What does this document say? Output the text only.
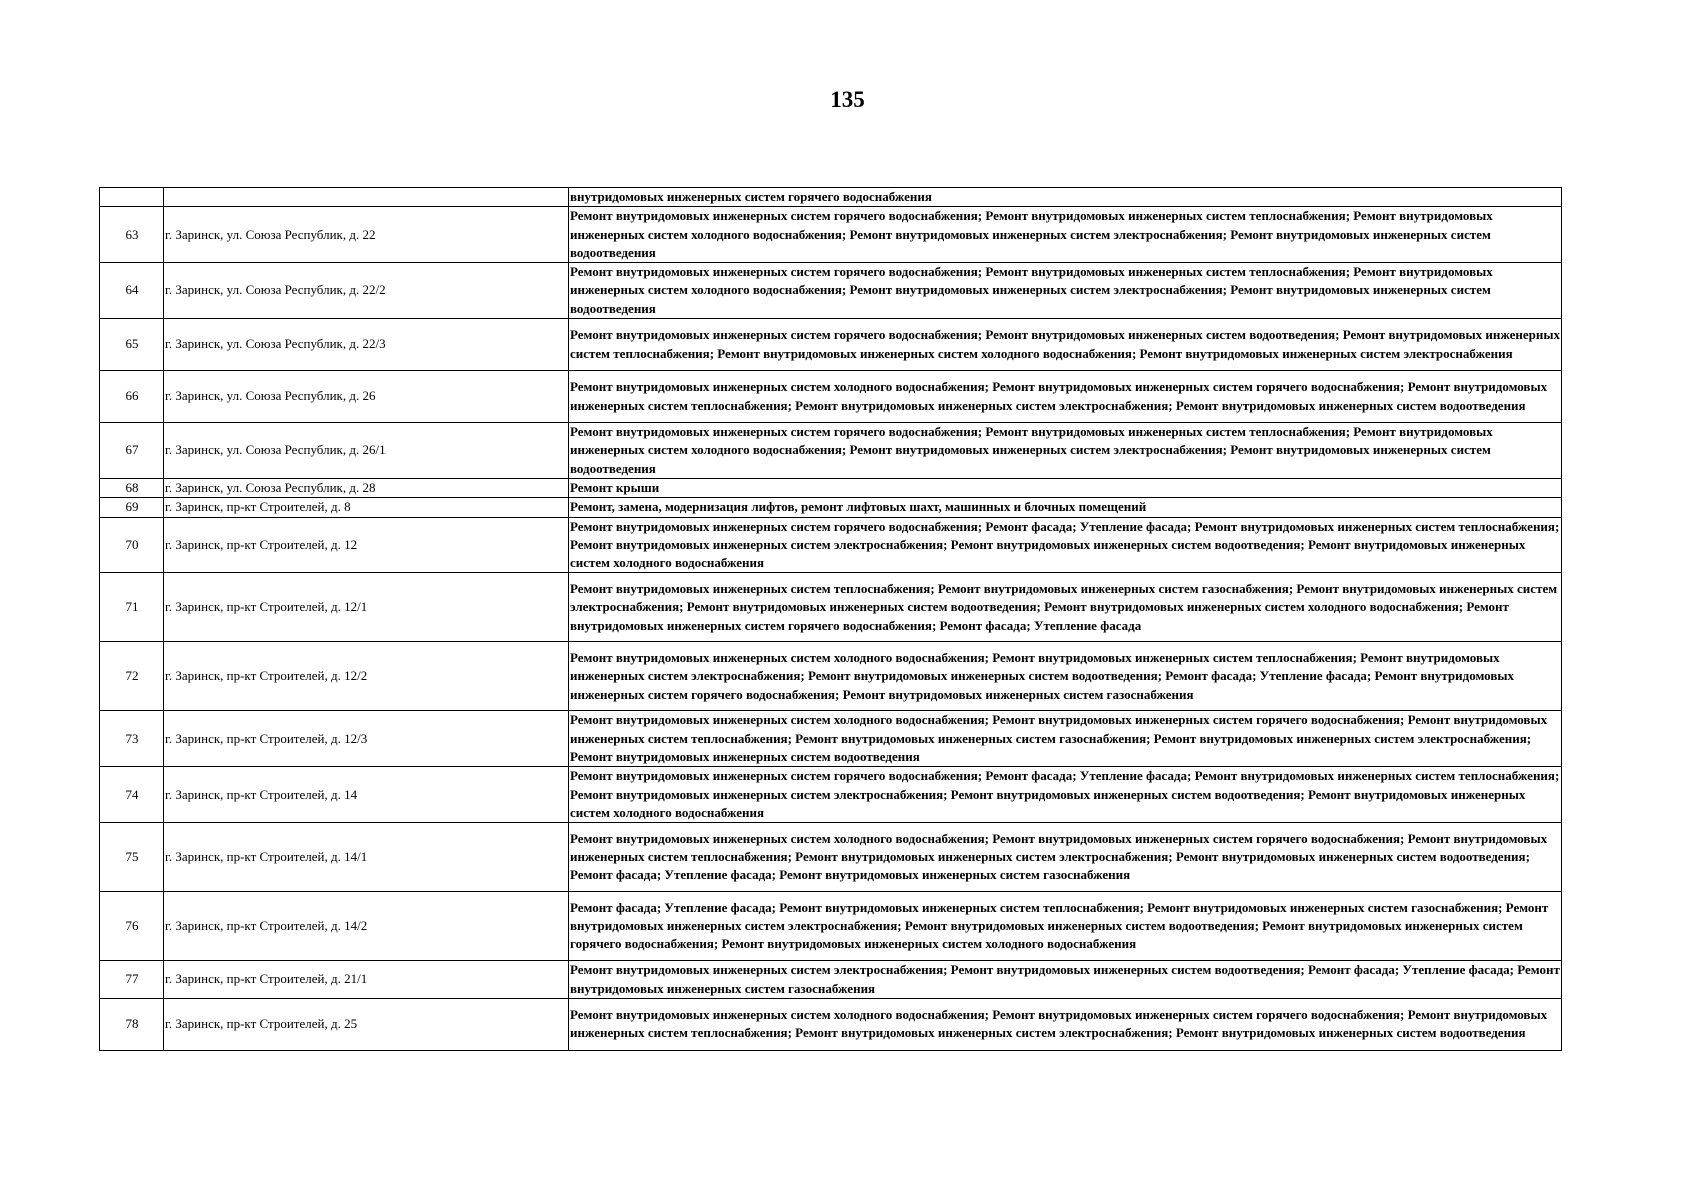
135
		внутридомовых инженерных систем горячего водоснабжения
63	г. Заринск, ул. Союза Республик, д. 22	Ремонт внутридомовых инженерных систем горячего водоснабжения; Ремонт внутридомовых инженерных систем теплоснабжения; Ремонт внутридомовых инженерных систем холодного водоснабжения; Ремонт внутридомовых инженерных систем электроснабжения; Ремонт внутридомовых инженерных систем водоотведения
64	г. Заринск, ул. Союза Республик, д. 22/2	Ремонт внутридомовых инженерных систем горячего водоснабжения; Ремонт внутридомовых инженерных систем теплоснабжения; Ремонт внутридомовых инженерных систем холодного водоснабжения; Ремонт внутридомовых инженерных систем электроснабжения; Ремонт внутридомовых инженерных систем водоотведения
65	г. Заринск, ул. Союза Республик, д. 22/3	Ремонт внутридомовых инженерных систем горячего водоснабжения; Ремонт внутридомовых инженерных систем водоотведения; Ремонт внутридомовых инженерных систем теплоснабжения; Ремонт внутридомовых инженерных систем холодного водоснабжения; Ремонт внутридомовых инженерных систем электроснабжения
66	г. Заринск, ул. Союза Республик, д. 26	Ремонт внутридомовых инженерных систем холодного водоснабжения; Ремонт внутридомовых инженерных систем горячего водоснабжения; Ремонт внутридомовых инженерных систем теплоснабжения; Ремонт внутридомовых инженерных систем электроснабжения; Ремонт внутридомовых инженерных систем водоотведения
67	г. Заринск, ул. Союза Республик, д. 26/1	Ремонт внутридомовых инженерных систем горячего водоснабжения; Ремонт внутридомовых инженерных систем теплоснабжения; Ремонт внутридомовых инженерных систем холодного водоснабжения; Ремонт внутридомовых инженерных систем электроснабжения; Ремонт внутридомовых инженерных систем водоотведения
68	г. Заринск, ул. Союза Республик, д. 28	Ремонт крыши
69	г. Заринск, пр-кт Строителей, д. 8	Ремонт, замена, модернизация лифтов, ремонт лифтовых шахт, машинных и блочных помещений
70	г. Заринск, пр-кт Строителей, д. 12	Ремонт внутридомовых инженерных систем горячего водоснабжения; Ремонт фасада; Утепление фасада; Ремонт внутридомовых инженерных систем теплоснабжения; Ремонт внутридомовых инженерных систем электроснабжения; Ремонт внутридомовых инженерных систем водоотведения; Ремонт внутридомовых инженерных систем холодного водоснабжения
71	г. Заринск, пр-кт Строителей, д. 12/1	Ремонт внутридомовых инженерных систем теплоснабжения; Ремонт внутридомовых инженерных систем газоснабжения; Ремонт внутридомовых инженерных систем электроснабжения; Ремонт внутридомовых инженерных систем водоотведения; Ремонт внутридомовых инженерных систем холодного водоснабжения; Ремонт внутридомовых инженерных систем горячего водоснабжения; Ремонт фасада; Утепление фасада
72	г. Заринск, пр-кт Строителей, д. 12/2	Ремонт внутридомовых инженерных систем холодного водоснабжения; Ремонт внутридомовых инженерных систем теплоснабжения; Ремонт внутридомовых инженерных систем электроснабжения; Ремонт внутридомовых инженерных систем водоотведения; Ремонт фасада; Утепление фасада; Ремонт внутридомовых инженерных систем горячего водоснабжения; Ремонт внутридомовых инженерных систем газоснабжения
73	г. Заринск, пр-кт Строителей, д. 12/3	Ремонт внутридомовых инженерных систем холодного водоснабжения; Ремонт внутридомовых инженерных систем горячего водоснабжения; Ремонт внутридомовых инженерных систем теплоснабжения; Ремонт внутридомовых инженерных систем газоснабжения; Ремонт внутридомовых инженерных систем электроснабжения; Ремонт внутридомовых инженерных систем водоотведения
74	г. Заринск, пр-кт Строителей, д. 14	Ремонт внутридомовых инженерных систем горячего водоснабжения; Ремонт фасада; Утепление фасада; Ремонт внутридомовых инженерных систем теплоснабжения; Ремонт внутридомовых инженерных систем электроснабжения; Ремонт внутридомовых инженерных систем водоотведения; Ремонт внутридомовых инженерных систем холодного водоснабжения
75	г. Заринск, пр-кт Строителей, д. 14/1	Ремонт внутридомовых инженерных систем холодного водоснабжения; Ремонт внутридомовых инженерных систем горячего водоснабжения; Ремонт внутридомовых инженерных систем теплоснабжения; Ремонт внутридомовых инженерных систем электроснабжения; Ремонт внутридомовых инженерных систем водоотведения; Ремонт фасада; Утепление фасада; Ремонт внутридомовых инженерных систем газоснабжения
76	г. Заринск, пр-кт Строителей, д. 14/2	Ремонт фасада; Утепление фасада; Ремонт внутридомовых инженерных систем теплоснабжения; Ремонт внутридомовых инженерных систем газоснабжения; Ремонт внутридомовых инженерных систем электроснабжения; Ремонт внутридомовых инженерных систем водоотведения; Ремонт внутридомовых инженерных систем горячего водоснабжения; Ремонт внутридомовых инженерных систем холодного водоснабжения
77	г. Заринск, пр-кт Строителей, д. 21/1	Ремонт внутридомовых инженерных систем электроснабжения; Ремонт внутридомовых инженерных систем водоотведения; Ремонт фасада; Утепление фасада; Ремонт внутридомовых инженерных систем газоснабжения
78	г. Заринск, пр-кт Строителей, д. 25	Ремонт внутридомовых инженерных систем холодного водоснабжения; Ремонт внутридомовых инженерных систем горячего водоснабжения; Ремонт внутридомовых инженерных систем теплоснабжения; Ремонт внутридомовых инженерных систем электроснабжения; Ремонт внутридомовых инженерных систем водоотведения
